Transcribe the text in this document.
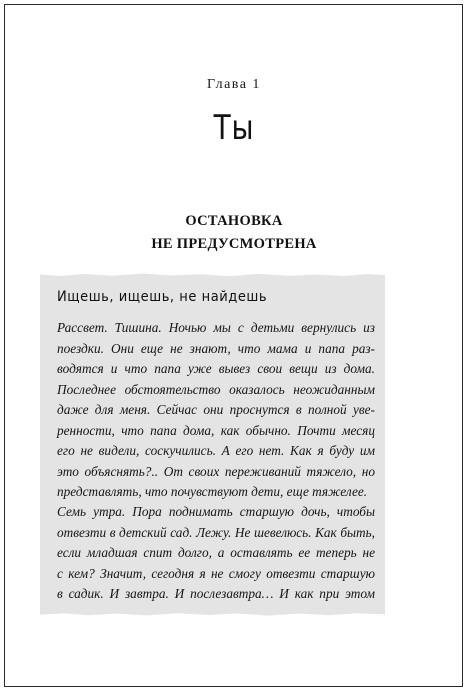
Глава 1
Ты
ОСТАНОВКА
НЕ ПРЕДУСМОТРЕНА
Ищешь, ищешь, не найдешь
Рассвет. Тишина. Ночью мы с детьми вернулись из
поездки. Они еще не знают, что мама и папа раз-
водятся и что папа уже вывез свои вещи из дома.
Последнее обстоятельство оказалось неожиданным
даже для меня. Сейчас они проснутся в полной уве-
ренности, что папа дома, как обычно. Почти месяц
его не видели, соскучились. А его нет. Как я буду им
это объяснять?.. От своих переживаний тяжело, но
представлять, что почувствуют дети, еще тяжелее.
Семь утра. Пора поднимать старшую дочь, чтобы
отвезти в детский сад. Лежу. Не шевелюсь. Как быть,
если младшая спит долго, а оставлять ее теперь не
с кем? Значит, сегодня я не смогу отвезти старшую
в садик. И завтра. И послезавтра… И как при этом
